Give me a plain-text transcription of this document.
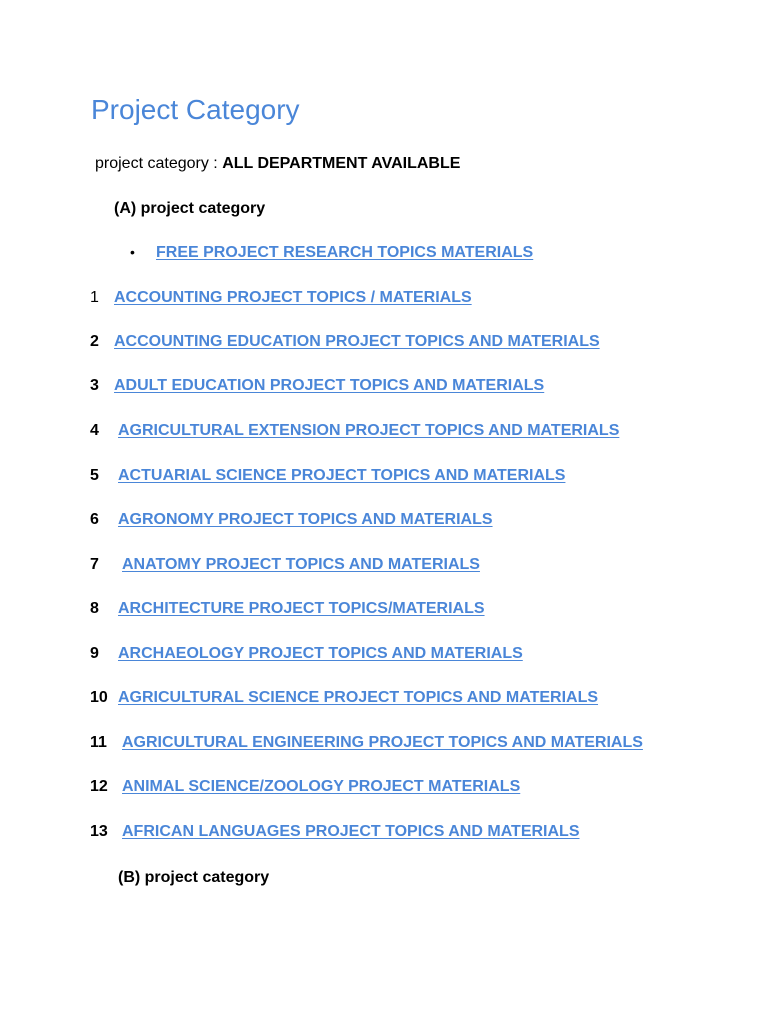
Project Category
project category : ALL DEPARTMENT AVAILABLE
(A) project category
• FREE PROJECT RESEARCH TOPICS MATERIALS
1 ACCOUNTING PROJECT TOPICS / MATERIALS
2 ACCOUNTING EDUCATION PROJECT TOPICS AND MATERIALS
3 ADULT EDUCATION PROJECT TOPICS AND MATERIALS
4 AGRICULTURAL EXTENSION PROJECT TOPICS AND MATERIALS
5 ACTUARIAL SCIENCE PROJECT TOPICS AND MATERIALS
6 AGRONOMY PROJECT TOPICS AND MATERIALS
7 ANATOMY PROJECT TOPICS AND MATERIALS
8 ARCHITECTURE PROJECT TOPICS/MATERIALS
9 ARCHAEOLOGY PROJECT TOPICS AND MATERIALS
10 AGRICULTURAL SCIENCE PROJECT TOPICS AND MATERIALS
11 AGRICULTURAL ENGINEERING PROJECT TOPICS AND MATERIALS
12 ANIMAL SCIENCE/ZOOLOGY PROJECT MATERIALS
13 AFRICAN LANGUAGES PROJECT TOPICS AND MATERIALS
(B) project category
